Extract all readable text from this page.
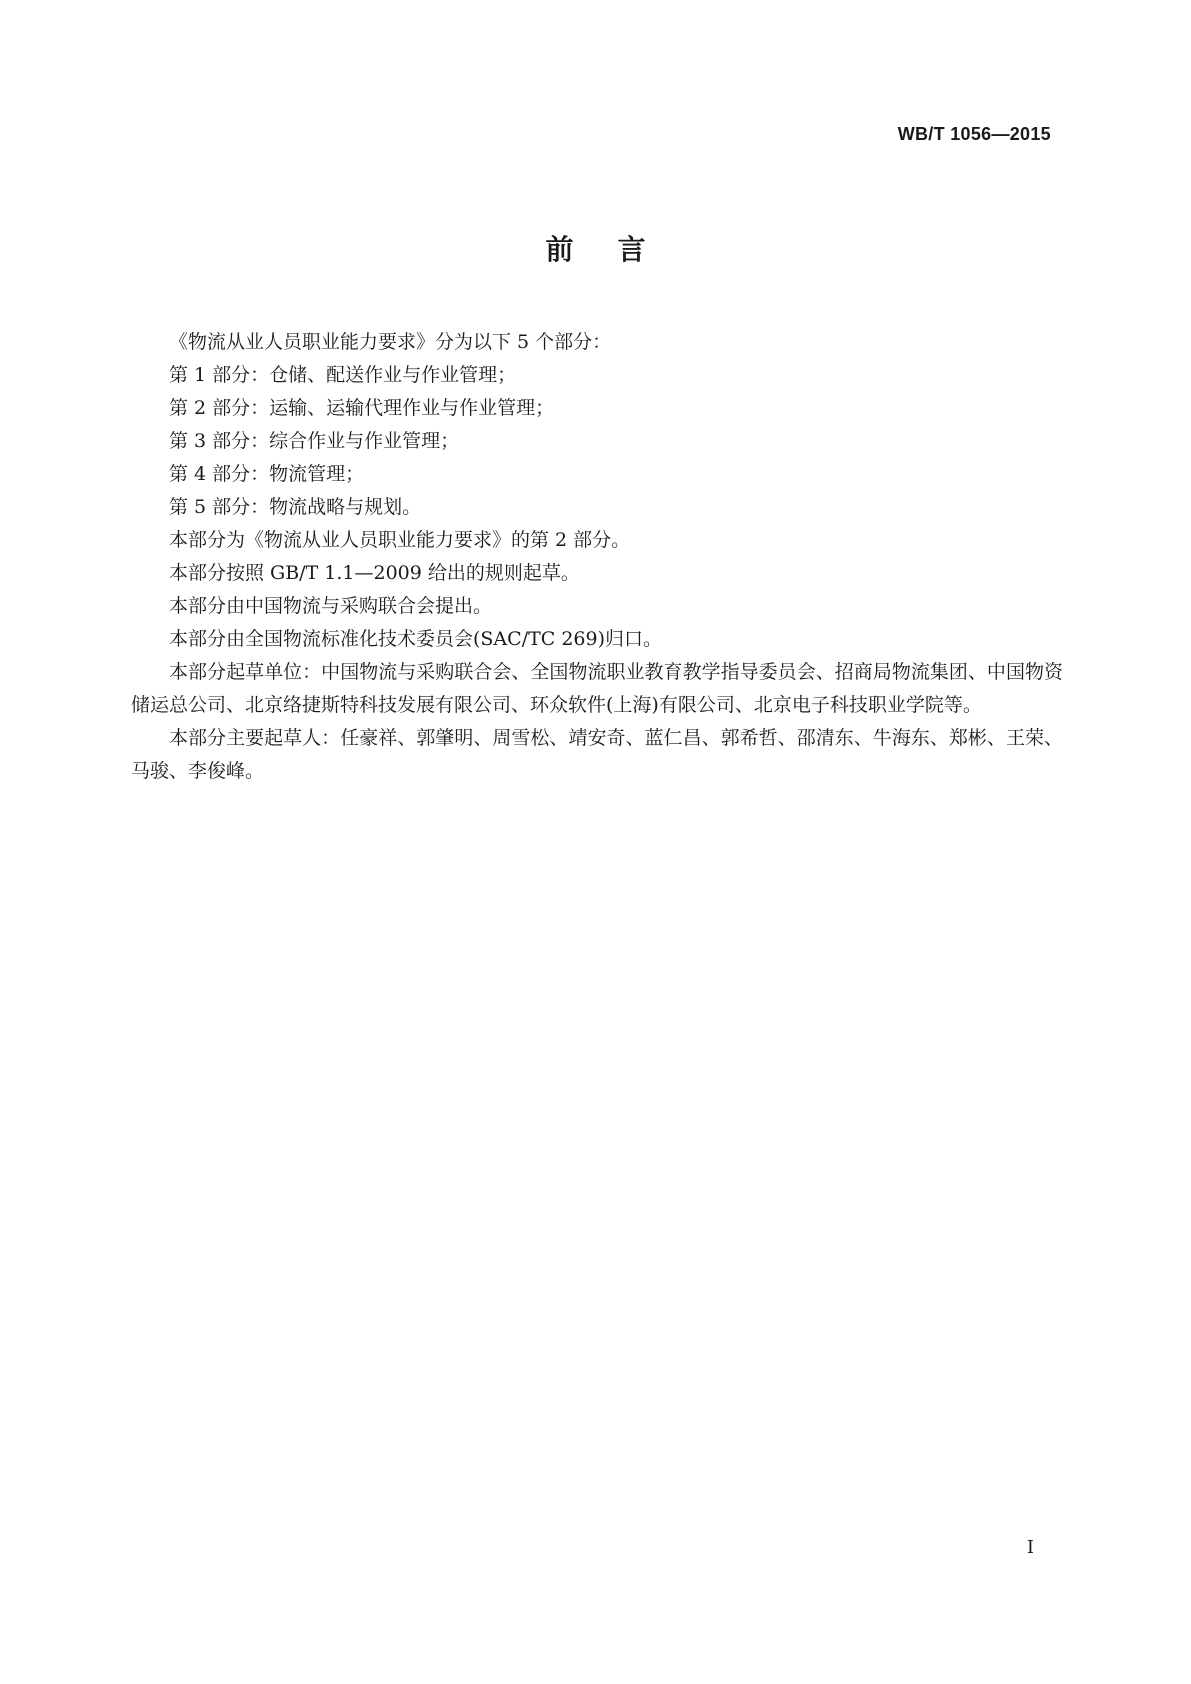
WB/T 1056—2015
前言

《物流从业人员职业能力要求》分为以下 5 个部分：

第 1 部分：仓储、配送作业与作业管理；

第 2 部分：运输、运输代理作业与作业管理；

第 3 部分：综合作业与作业管理；

第 4 部分：物流管理；

第 5 部分：物流战略与规划。

本部分为《物流从业人员职业能力要求》的第 2 部分。

本部分按照 GB/T 1.1—2009 给出的规则起草。

本部分由中国物流与采购联合会提出。

本部分由全国物流标准化技术委员会(SAC/TC 269)归口。

本部分起草单位：中国物流与采购联合会、全国物流职业教育教学指导委员会、招商局物流集团、中国物资储运总公司、北京络捷斯特科技发展有限公司、环众软件(上海)有限公司、北京电子科技职业学院等。

本部分主要起草人：任豪祥、郭肇明、周雪松、靖安奇、蓝仁昌、郭希哲、邵清东、牛海东、郑彬、王荣、马骏、李俊峰。

I
